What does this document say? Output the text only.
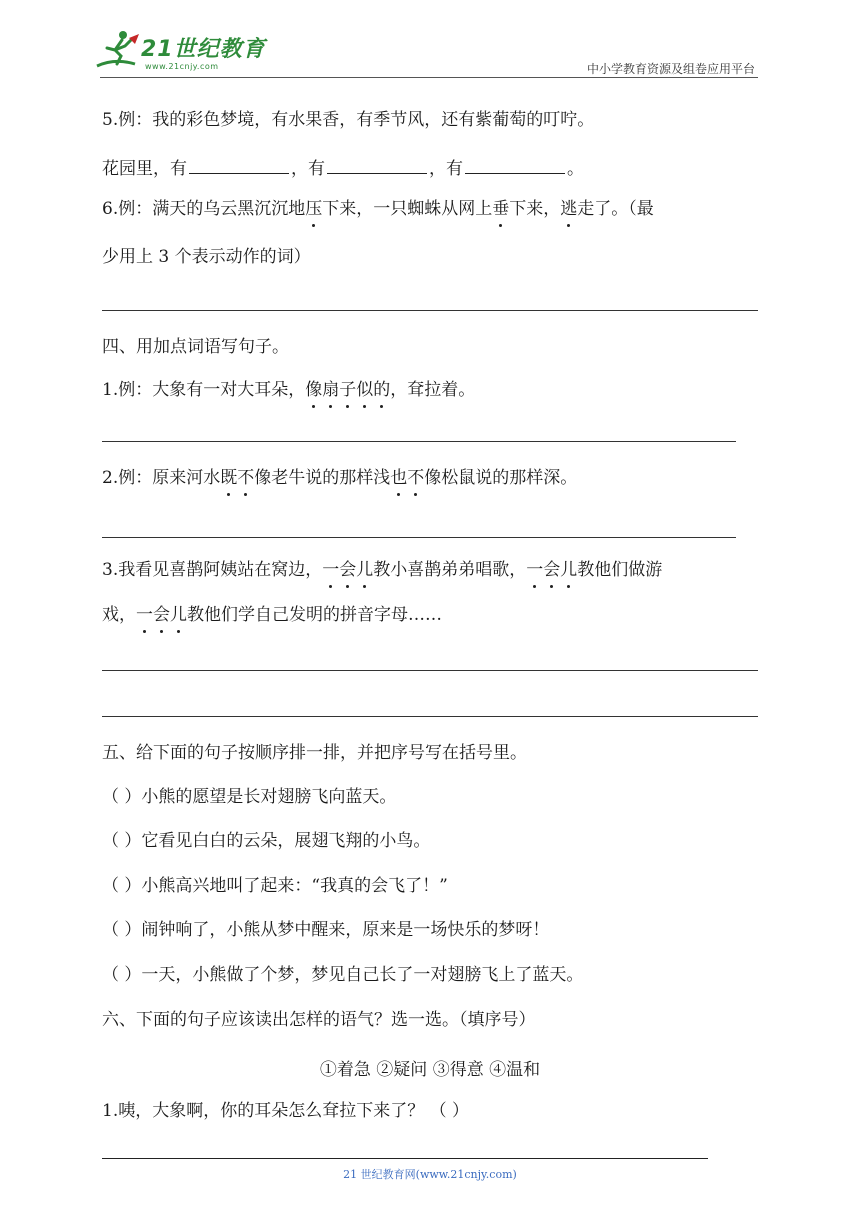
21世纪教育
www.21cnjy.com	中小学教育资源及组卷应用平台
5.例：我的彩色梦境，有水果香，有季节风，还有紫葡萄的叮咛。
花园里，有	，有	，有	。
6.例：满天的乌云黑沉沉地压下来，一只蜘蛛从网上垂下来，逃走了。（最
少用上 3 个表示动作的词）
四、用加点词语写句子。
1.例：大象有一对大耳朵，像扇子似的，耷拉着。
2.例：原来河水既不像老牛说的那样浅也不像松鼠说的那样深。
3.我看见喜鹊阿姨站在窝边，一会儿教小喜鹊弟弟唱歌，一会儿教他们做游
戏，一会儿教他们学自己发明的拼音字母……
五、给下面的句子按顺序排一排，并把序号写在括号里。
（ ）小熊的愿望是长对翅膀飞向蓝天。
（ ）它看见白白的云朵，展翅飞翔的小鸟。
（ ）小熊高兴地叫了起来：“我真的会飞了！”
（ ）闹钟响了，小熊从梦中醒来，原来是一场快乐的梦呀！
（ ）一天，小熊做了个梦，梦见自己长了一对翅膀飞上了蓝天。
六、下面的句子应该读出怎样的语气？选一选。（填序号）
①着急 ②疑问 ③得意 ④温和
1.咦，大象啊，你的耳朵怎么耷拉下来了？ （ ）
21 世纪教育网(www.21cnjy.com)
